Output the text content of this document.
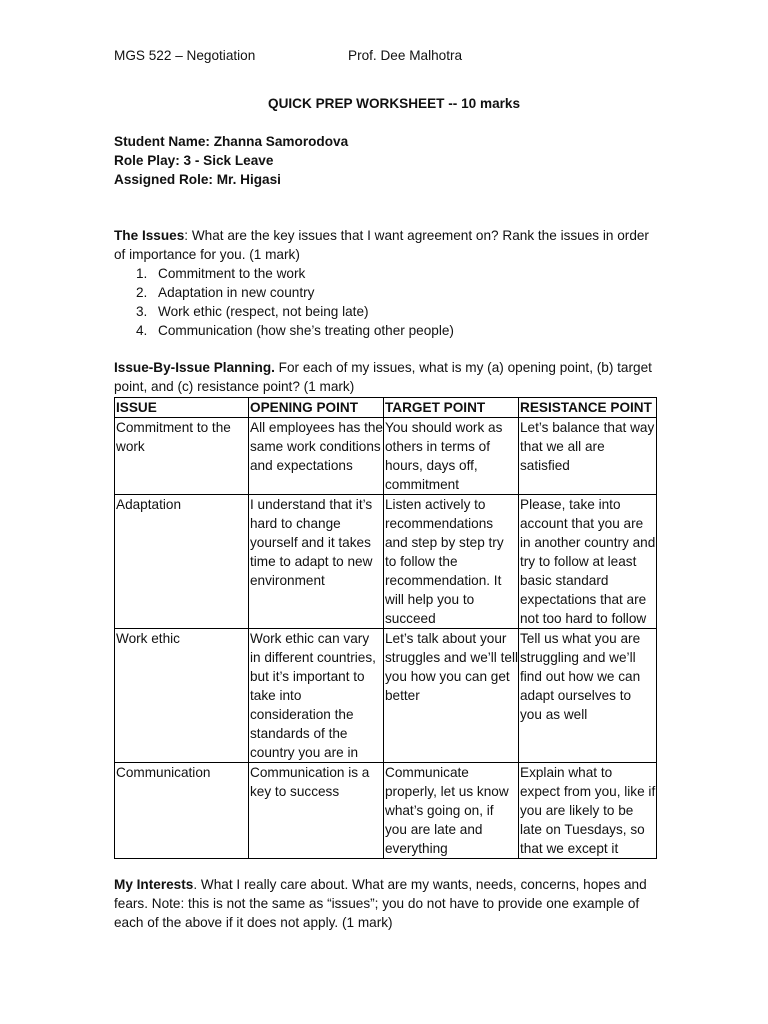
MGS 522 – Negotiation	Prof. Dee Malhotra
QUICK PREP WORKSHEET -- 10 marks
Student Name: Zhanna Samorodova
Role Play: 3 - Sick Leave
Assigned Role: Mr. Higasi
The Issues: What are the key issues that I want agreement on? Rank the issues in order of importance for you. (1 mark)
1. Commitment to the work
2. Adaptation in new country
3. Work ethic (respect, not being late)
4. Communication (how she’s treating other people)
Issue-By-Issue Planning. For each of my issues, what is my (a) opening point, (b) target point, and (c) resistance point? (1 mark)
ISSUE	OPENING POINT	TARGET POINT	RESISTANCE POINT
Commitment to the work	All employees has the same work conditions and expectations	You should work as others in terms of hours, days off, commitment	Let’s balance that way that we all are satisfied
Adaptation	I understand that it’s hard to change yourself and it takes time to adapt to new environment	Listen actively to recommendations and step by step try to follow the recommendation. It will help you to succeed	Please, take into account that you are in another country and try to follow at least basic standard expectations that are not too hard to follow
Work ethic	Work ethic can vary in different countries, but it’s important to take into consideration the standards of the country you are in	Let’s talk about your struggles and we’ll tell you how you can get better	Tell us what you are struggling and we’ll find out how we can adapt ourselves to you as well
Communication	Communication is a key to success	Communicate properly, let us know what’s going on, if you are late and everything	Explain what to expect from you, like if you are likely to be late on Tuesdays, so that we except it
My Interests. What I really care about. What are my wants, needs, concerns, hopes and fears. Note: this is not the same as “issues”; you do not have to provide one example of each of the above if it does not apply. (1 mark)
